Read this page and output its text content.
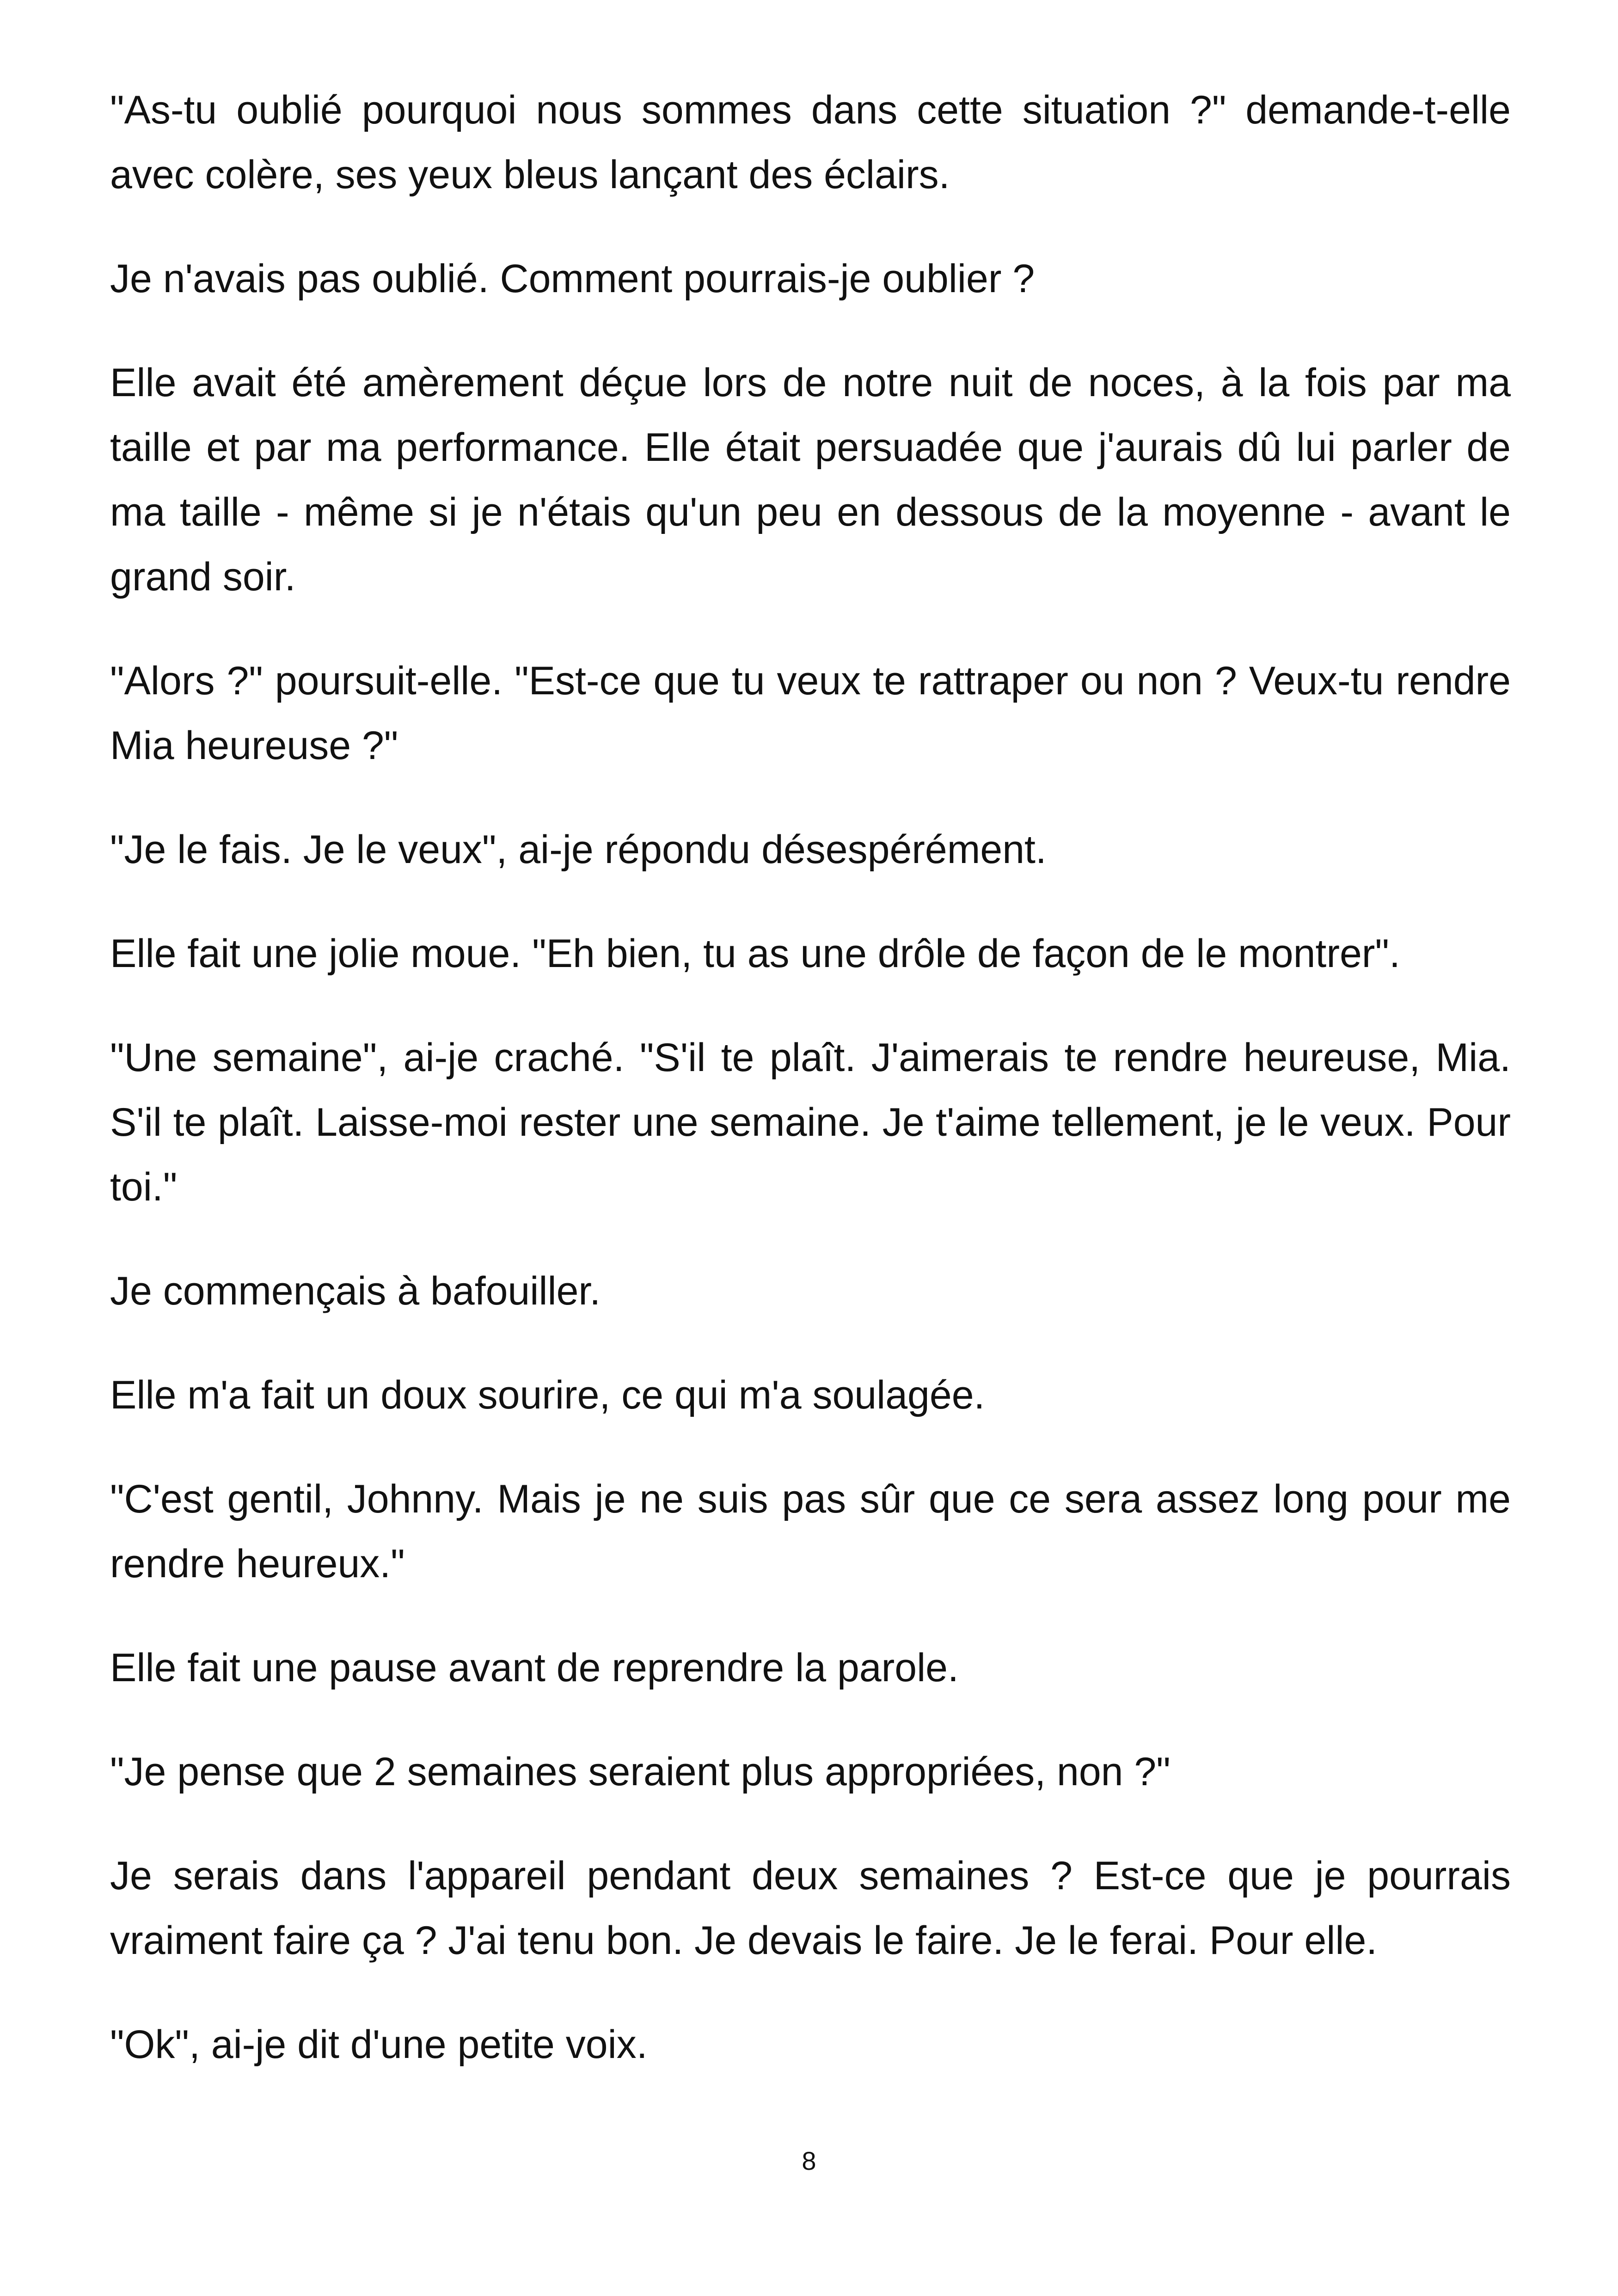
"As-tu oublié pourquoi nous sommes dans cette situation ?" demande-t-elle avec colère, ses yeux bleus lançant des éclairs.

Je n'avais pas oublié. Comment pourrais-je oublier ?

Elle avait été amèrement déçue lors de notre nuit de noces, à la fois par ma taille et par ma performance. Elle était persuadée que j'aurais dû lui parler de ma taille - même si je n'étais qu'un peu en dessous de la moyenne - avant le grand soir.

"Alors ?" poursuit-elle. "Est-ce que tu veux te rattraper ou non ? Veux-tu rendre Mia heureuse ?"

"Je le fais. Je le veux", ai-je répondu désespérément.

Elle fait une jolie moue. "Eh bien, tu as une drôle de façon de le montrer".

"Une semaine", ai-je craché. "S'il te plaît. J'aimerais te rendre heureuse, Mia. S'il te plaît. Laisse-moi rester une semaine. Je t'aime tellement, je le veux. Pour toi."

Je commençais à bafouiller.

Elle m'a fait un doux sourire, ce qui m'a soulagée.

"C'est gentil, Johnny. Mais je ne suis pas sûr que ce sera assez long pour me rendre heureux."

Elle fait une pause avant de reprendre la parole.

"Je pense que 2 semaines seraient plus appropriées, non ?"

Je serais dans l'appareil pendant deux semaines ? Est-ce que je pourrais vraiment faire ça ? J'ai tenu bon. Je devais le faire. Je le ferai. Pour elle.

"Ok", ai-je dit d'une petite voix.

8
